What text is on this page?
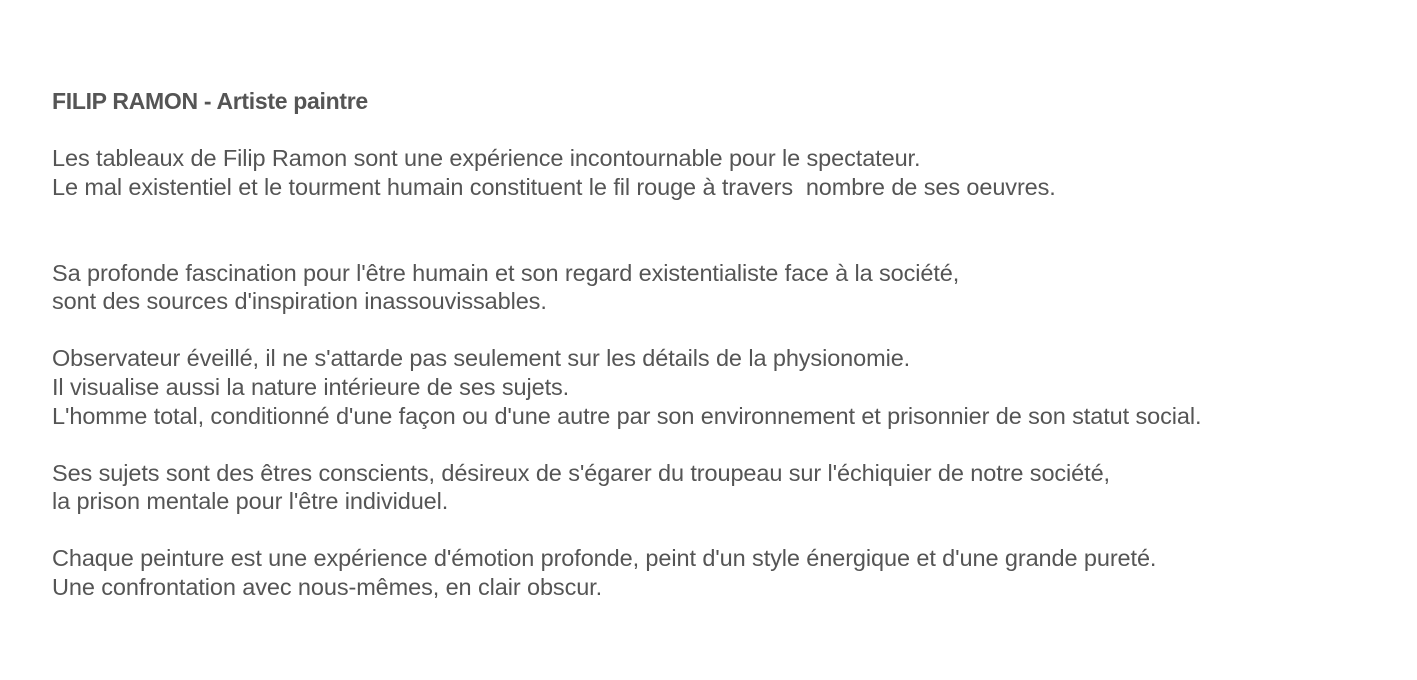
FILIP RAMON - Artiste paintre
Les tableaux de Filip Ramon sont une expérience incontournable pour le spectateur.
Le mal existentiel et le tourment humain constituent le fil rouge à travers  nombre de ses oeuvres.
Sa profonde fascination pour l'être humain et son regard existentialiste face à la société,
sont des sources d'inspiration inassouvissables.
Observateur éveillé, il ne s'attarde pas seulement sur les détails de la physionomie.
Il visualise aussi la nature intérieure de ses sujets.
L'homme total, conditionné d'une façon ou d'une autre par son environnement et prisonnier de son statut social.
Ses sujets sont des êtres conscients, désireux de s'égarer du troupeau sur l'échiquier de notre société,
la prison mentale pour l'être individuel.
Chaque peinture est une expérience d'émotion profonde, peint d'un style énergique et d'une grande pureté.
Une confrontation avec nous-mêmes, en clair obscur.
